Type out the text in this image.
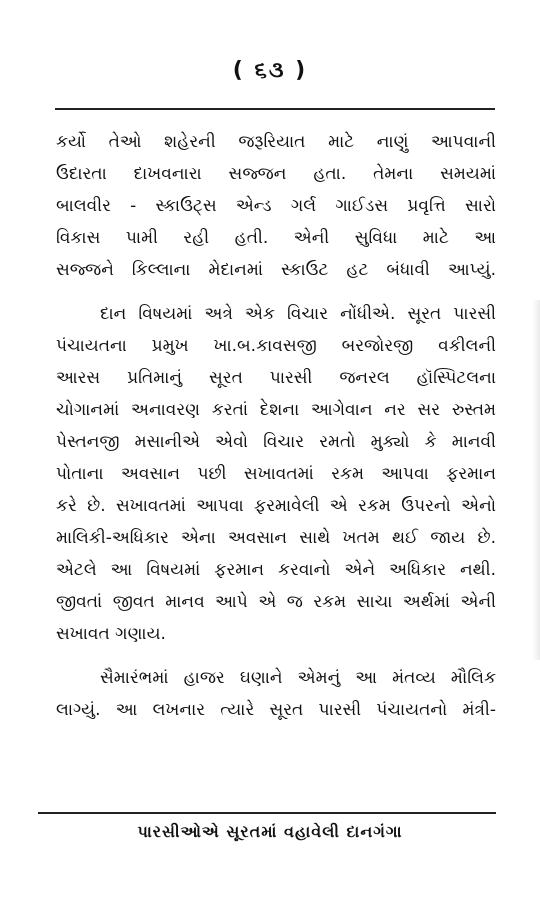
( ૬૩ )
કર્યો તેઓ શહેરની જરૂરિયાત માટે નાણું આપવાની
ઉદારતા દાખવનારા સજ્જન હતા. તેમના સમયમાં
બાલવીર - સ્કાઉટ્સ એન્ડ ગર્લ ગાઈડસ પ્રવૃત્તિ સારો
વિકાસ પામી રહી હતી. એની સુવિધા માટે આ
સજ્જને કિલ્લાના મેદાનમાં સ્કાઉટ હટ બંધાવી આપ્યું.
દાન વિષયમાં અત્રે એક વિચાર નોંધીએ. સૂરત પારસી
પંચાયતના પ્રમુખ ખા.બ.કાવસજી બરજોરજી વકીલની
આરસ પ્રતિમાનું સૂરત પારસી જનરલ હૉસ્પિટલના
ચોગાનમાં અનાવરણ કરતાં દેશના આગેવાન નર સર રુસ્તમ
પેસ્તનજી મસાનીએ એવો વિચાર રમતો મુક્યો કે માનવી
પોતાના અવસાન પછી સખાવતમાં રકમ આપવા ફરમાન
કરે છે. સખાવતમાં આપવા ફરમાવેલી એ રકમ ઉપરનો એનો
માલિકી-અધિકાર એના અવસાન સાથે ખતમ થઈ જાય છે.
એટલે આ વિષયમાં ફરમાન કરવાનો એને અધિકાર નથી.
જીવતાં જીવત માનવ આપે એ જ રકમ સાચા અર્થમાં એની
સખાવત ગણાય.
સૈમારંભમાં હાજર ઘણાને એમનું આ મંતવ્ય મૌલિક
લાગ્યું. આ લખનાર ત્યારે સૂરત પારસી પંચાયતનો મંત્રી-
પારસીઓએ સૂરતમાં વહાવેલી દાનગંગા
